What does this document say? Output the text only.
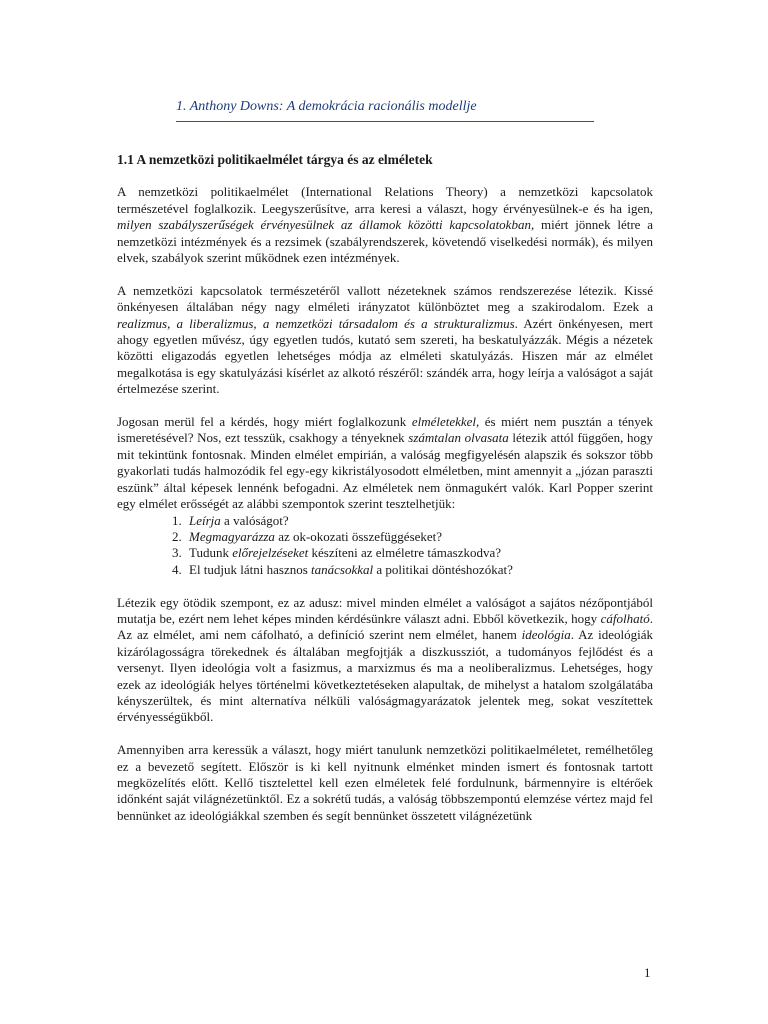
1. Anthony Downs: A demokrácia racionális modellje
1.1 A nemzetközi politikaelmélet tárgya és az elméletek

A nemzetközi politikaelmélet (International Relations Theory) a nemzetközi kapcsolatok természetével foglalkozik. Leegyszerűsítve, arra keresi a választ, hogy érvényesülnek-e és ha igen, milyen szabályszerűségek érvényesülnek az államok közötti kapcsolatokban, miért jönnek létre a nemzetközi intézmények és a rezsimek (szabályrendszerek, követendő viselkedési normák), és milyen elvek, szabályok szerint működnek ezen intézmények.

A nemzetközi kapcsolatok természetéről vallott nézeteknek számos rendszerezése létezik. Kissé önkényesen általában négy nagy elméleti irányzatot különböztet meg a szakirodalom. Ezek a realizmus, a liberalizmus, a nemzetközi társadalom és a strukturalizmus. Azért önkényesen, mert ahogy egyetlen művész, úgy egyetlen tudós, kutató sem szereti, ha beskatulyázzák. Mégis a nézetek közötti eligazodás egyetlen lehetséges módja az elméleti skatulyázás. Hiszen már az elmélet megalkotása is egy skatulyázási kísérlet az alkotó részéről: szándék arra, hogy leírja a valóságot a saját értelmezése szerint.

Jogosan merül fel a kérdés, hogy miért foglalkozunk elméletekkel, és miért nem pusztán a tények ismeretésével? Nos, ezt tesszük, csakhogy a tényeknek számtalan olvasata létezik attól függően, hogy mit tekintünk fontosnak. Minden elmélet empirián, a valóság megfigyelésén alapszik és sokszor több gyakorlati tudás halmozódik fel egy-egy kikristályosodott elméletben, mint amennyit a „józan paraszti eszünk” által képesek lennénk befogadni. Az elméletek nem önmagukért valók. Karl Popper szerint egy elmélet erősségét az alábbi szempontok szerint tesztelhetjük:

1. Leírja a valóságot?
2. Megmagyarázza az ok-okozati összefüggéseket?
3. Tudunk előrejelzéseket készíteni az elméletre támaszkodva?
4. El tudjuk látni hasznos tanácsokkal a politikai döntéshozókat?

Létezik egy ötödik szempont, ez az adusz: mivel minden elmélet a valóságot a sajátos nézőpontjából mutatja be, ezért nem lehet képes minden kérdésünkre választ adni. Ebből következik, hogy cáfolható. Az az elmélet, ami nem cáfolható, a definíció szerint nem elmélet, hanem ideológia. Az ideológiák kizárólagosságra törekednek és általában megfojtják a diszkussziót, a tudományos fejlődést és a versenyt. Ilyen ideológia volt a fasizmus, a marxizmus és ma a neoliberalizmus. Lehetséges, hogy ezek az ideológiák helyes történelmi következtetéseken alapultak, de mihelyst a hatalom szolgálatába kényszerültek, és mint alternatíva nélküli valóságmagyarázatok jelentek meg, sokat veszítettek érvényességükből.

Amennyiben arra keressük a választ, hogy miért tanulunk nemzetközi politikaelméletet, remélhetőleg ez a bevezető segített. Először is ki kell nyitnunk elménket minden ismert és fontosnak tartott megközelítés előtt. Kellő tisztelettel kell ezen elméletek felé fordulnunk, bármennyire is eltérőek időnként saját világnézetünktől. Ez a sokrétű tudás, a valóság többszempontú elemzése vértez majd fel bennünket az ideológiákkal szemben és segít bennünket összetett világnézetünk

1
